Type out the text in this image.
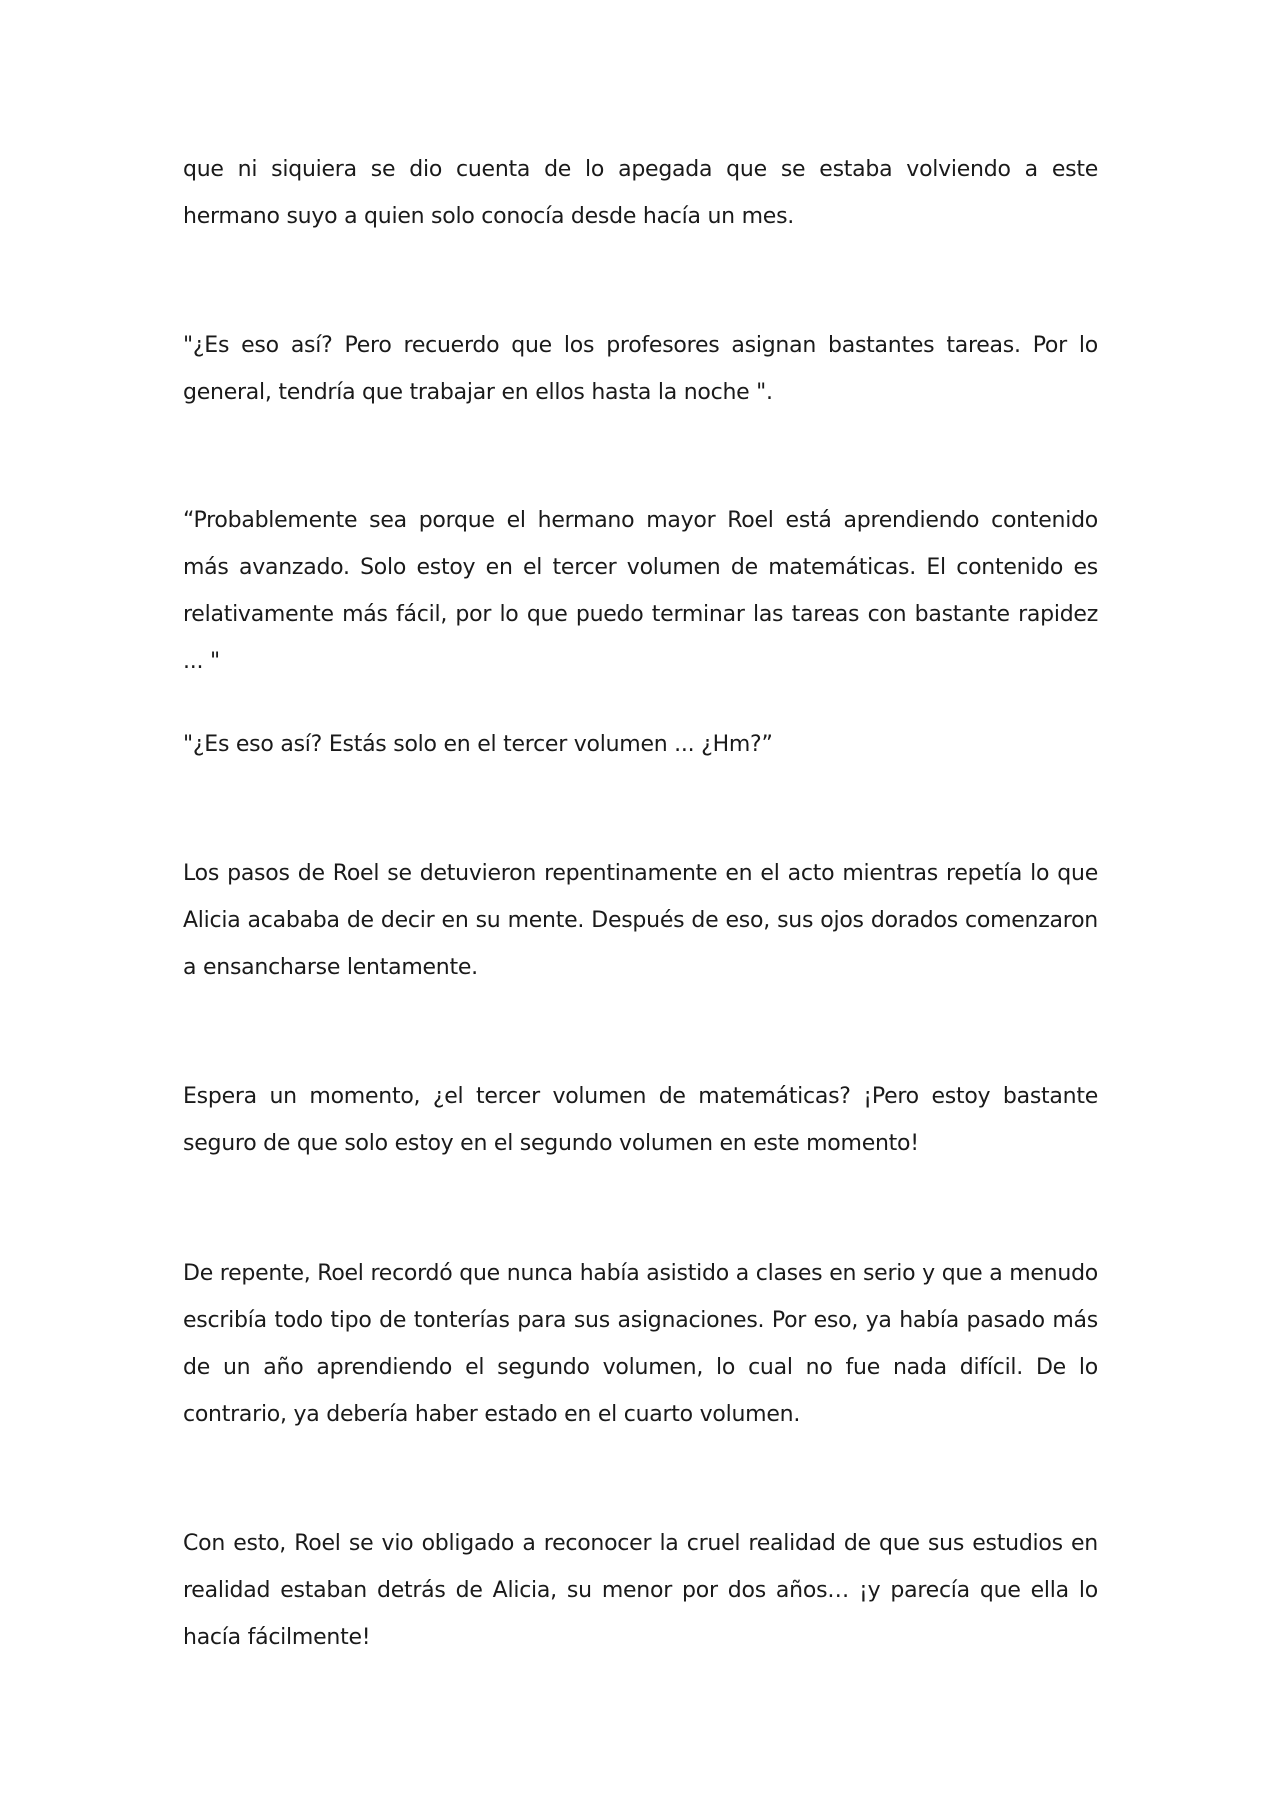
que ni siquiera se dio cuenta de lo apegada que se estaba volviendo a este hermano suyo a quien solo conocía desde hacía un mes.

"¿Es eso así? Pero recuerdo que los profesores asignan bastantes tareas. Por lo general, tendría que trabajar en ellos hasta la noche ".

“Probablemente sea porque el hermano mayor Roel está aprendiendo contenido más avanzado. Solo estoy en el tercer volumen de matemáticas. El contenido es relativamente más fácil, por lo que puedo terminar las tareas con bastante rapidez ... "

"¿Es eso así? Estás solo en el tercer volumen ... ¿Hm?”

Los pasos de Roel se detuvieron repentinamente en el acto mientras repetía lo que Alicia acababa de decir en su mente. Después de eso, sus ojos dorados comenzaron a ensancharse lentamente.

Espera un momento, ¿el tercer volumen de matemáticas? ¡Pero estoy bastante seguro de que solo estoy en el segundo volumen en este momento!

De repente, Roel recordó que nunca había asistido a clases en serio y que a menudo escribía todo tipo de tonterías para sus asignaciones. Por eso, ya había pasado más de un año aprendiendo el segundo volumen, lo cual no fue nada difícil. De lo contrario, ya debería haber estado en el cuarto volumen.

Con esto, Roel se vio obligado a reconocer la cruel realidad de que sus estudios en realidad estaban detrás de Alicia, su menor por dos años… ¡y parecía que ella lo hacía fácilmente!
